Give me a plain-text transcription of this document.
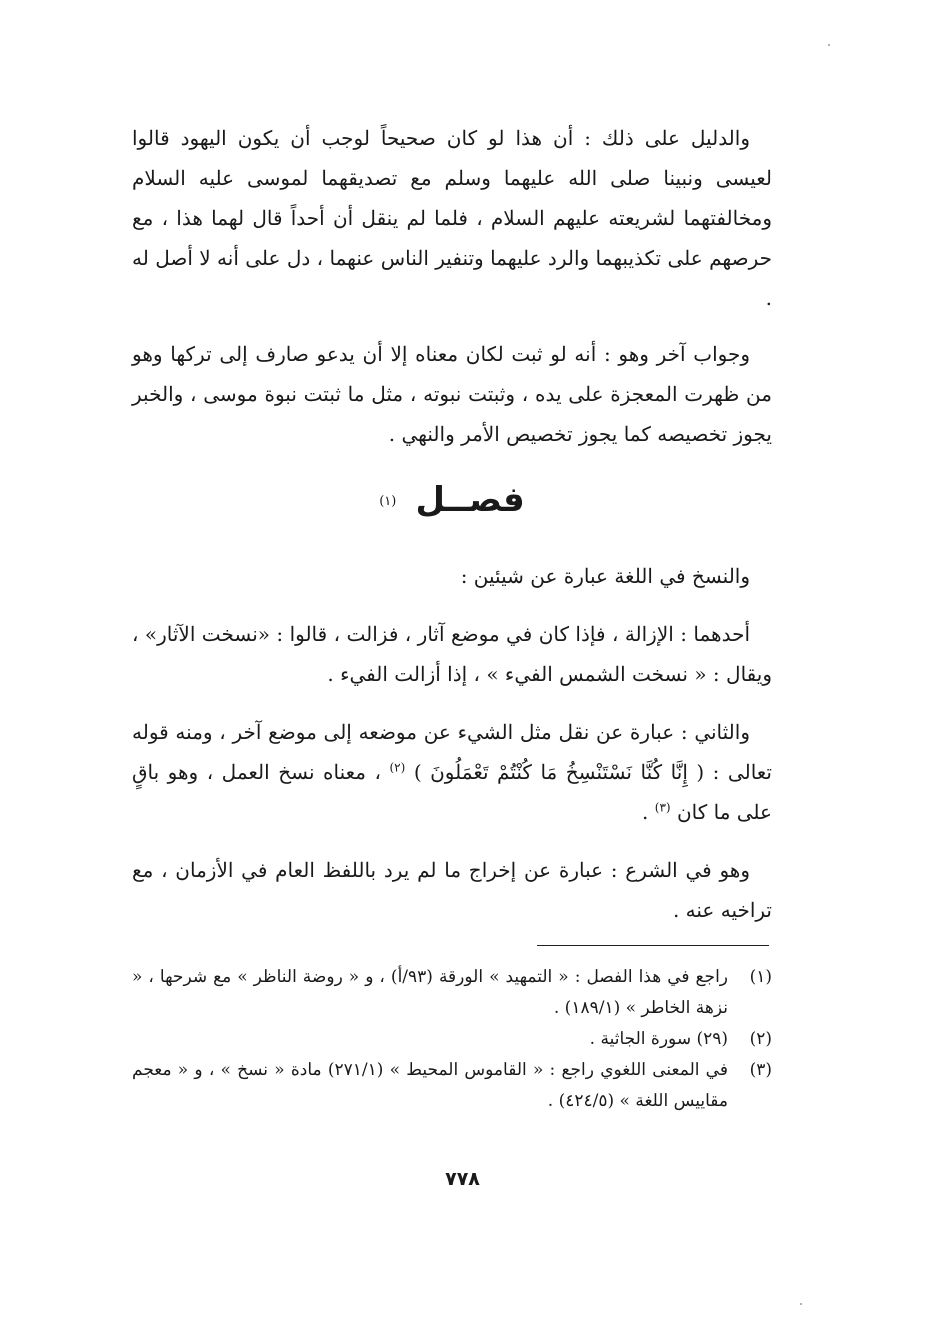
والدليل على ذلك : أن هذا لو كان صحيحاً لوجب أن يكون اليهود قالوا لعيسى ونبينا صلى الله عليهما وسلم مع تصديقهما لموسى عليه السلام ومخالفتهما لشريعته عليهم السلام ، فلما لم ينقل أن أحداً قال لهما هذا ، مع حرصهم على تكذيبهما والرد عليهما وتنفير الناس عنهما ، دل على أنه لا أصل له .

وجواب آخر وهو : أنه لو ثبت لكان معناه إلا أن يدعو صارف إلى تركها وهو من ظهرت المعجزة على يده ، وثبتت نبوته ، مثل ما ثبتت نبوة موسى ، والخبر يجوز تخصيصه كما يجوز تخصيص الأمر والنهي .

فصــل $^{(١)}$

والنسخ في اللغة عبارة عن شيئين :

أحدهما : الإزالة ، فإذا كان في موضع آثار ، فزالت ، قالوا : «نسخت الآثار» ، ويقال : « نسخت الشمس الفيء » ، إذا أزالت الفيء .

والثاني : عبارة عن نقل مثل الشيء عن موضعه إلى موضع آخر ، ومنه قوله تعالى : ( إِنَّا كُنَّا نَسْتَنْسِخُ مَا كُنْتُمْ تَعْمَلُونَ ) $^{(٢)}$ ، معناه نسخ العمل ، وهو باقٍ على ما كان $^{(٣)}$ .

وهو في الشرع : عبارة عن إخراج ما لم يرد باللفظ العام في الأزمان ، مع تراخيه عنه .

(١)
راجع في هذا الفصل : « التمهيد » الورقة (٩٣/أ) ، و « روضة الناظر » مع شرحها ، « نزهة الخاطر » (١٨٩/١) .
(٢)
(٢٩) سورة الجاثية .
(٣)
في المعنى اللغوي راجع : « القاموس المحيط » (٢٧١/١) مادة « نسخ » ، و « معجم مقاييس اللغة » (٤٢٤/٥) .
٧٧٨
